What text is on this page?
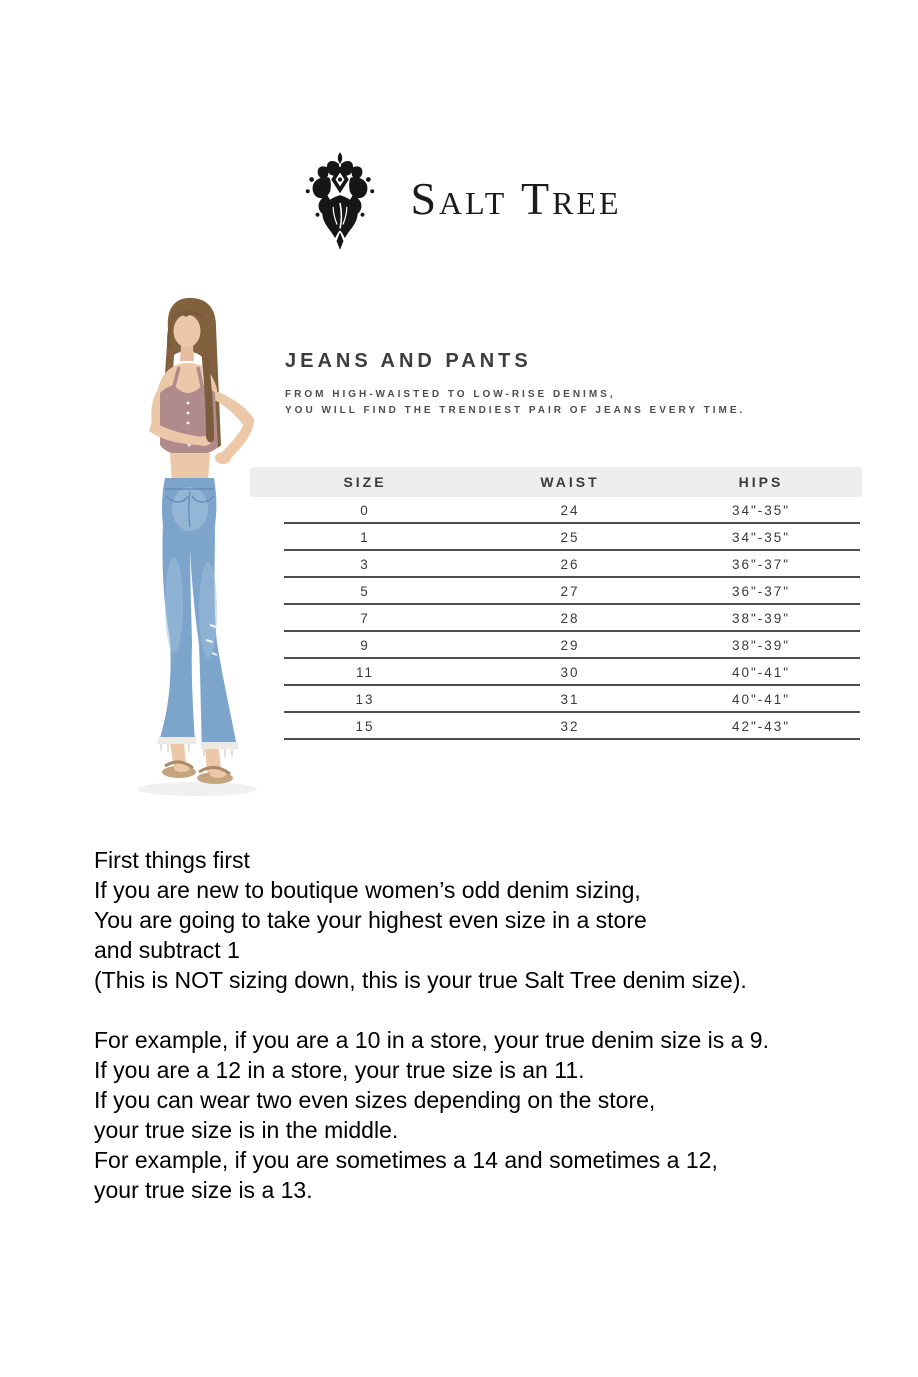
Salt Tree
JEANS AND PANTS

FROM HIGH-WAISTED TO LOW-RISE DENIMS,

YOU WILL FIND THE TRENDIEST PAIR OF JEANS EVERY TIME.

SIZE	WAIST	HIPS
0	24	34"-35"
1	25	34"-35"
3	26	36"-37"
5	27	36"-37"
7	28	38"-39"
9	29	38"-39"
11	30	40"-41"
13	31	40"-41"
15	32	42"-43"
First things first
If you are new to boutique women’s odd denim sizing,
You are going to take your highest even size in a store
and subtract 1
(This is NOT sizing down, this is your true Salt Tree denim size).
For example, if you are a 10 in a store, your true denim size is a 9.
If you are a 12 in a store, your true size is an 11.
If you can wear two even sizes depending on the store,
your true size is in the middle.
For example, if you are sometimes a 14 and sometimes a 12,
your true size is a 13.
